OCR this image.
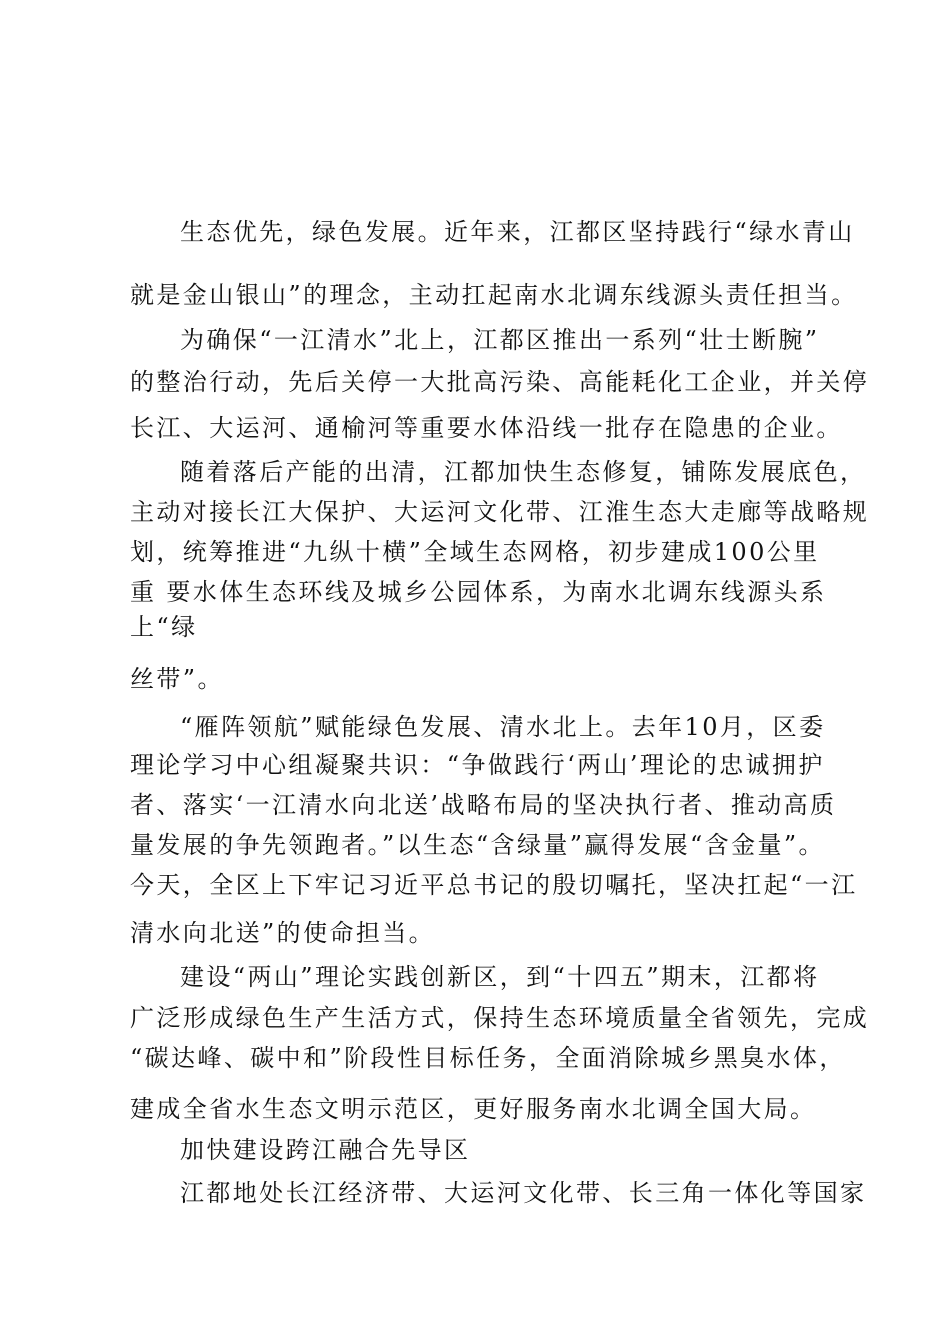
生态优先，绿色发展。近年来，江都区坚持践行“绿水青山
就是金山银山”的理念，主动扛起南水北调东线源头责任担当。
为确保“一江清水”北上，江都区推出一系列“壮士断腕”
的整治行动，先后关停一大批高污染、高能耗化工企业，并关停
长江、大运河、通榆河等重要水体沿线一批存在隐患的企业。
随着落后产能的出清，江都加快生态修复，铺陈发展底色，
主动对接长江大保护、大运河文化带、江淮生态大走廊等战略规
划，统筹推进“九纵十横”全域生态网格，初步建成100公里
重 要水体生态环线及城乡公园体系，为南水北调东线源头系
上“绿
丝带”。
“雁阵领航”赋能绿色发展、清水北上。去年10月，区委
理论学习中心组凝聚共识：“争做践行‘两山’理论的忠诚拥护
者、落实‘一江清水向北送’战略布局的坚决执行者、推动高质
量发展的争先领跑者。”以生态“含绿量”赢得发展“含金量”。
今天，全区上下牢记习近平总书记的殷切嘱托，坚决扛起“一江
清水向北送”的使命担当。
建设“两山”理论实践创新区，到“十四五”期末，江都将
广泛形成绿色生产生活方式，保持生态环境质量全省领先，完成
“碳达峰、碳中和”阶段性目标任务，全面消除城乡黑臭水体，
建成全省水生态文明示范区，更好服务南水北调全国大局。
加快建设跨江融合先导区
江都地处长江经济带、大运河文化带、长三角一体化等国家
